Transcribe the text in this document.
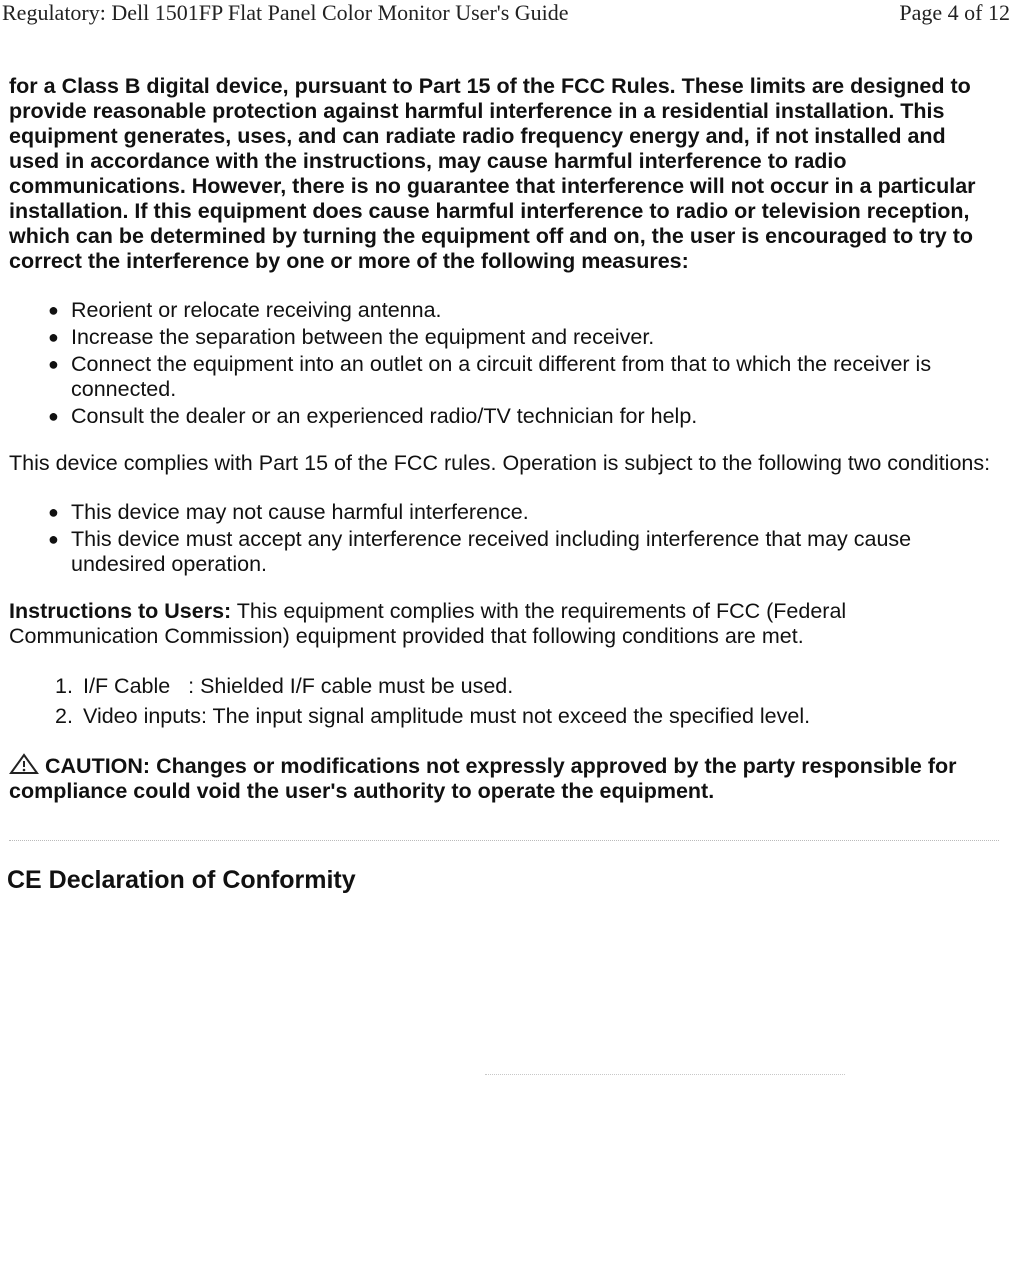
Regulatory: Dell 1501FP Flat Panel Color Monitor User's Guide	Page 4 of 12

for a Class B digital device, pursuant to Part 15 of the FCC Rules. These limits are designed to provide reasonable protection against harmful interference in a residential installation. This equipment generates, uses, and can radiate radio frequency energy and, if not installed and used in accordance with the instructions, may cause harmful interference to radio communications. However, there is no guarantee that interference will not occur in a particular installation. If this equipment does cause harmful interference to radio or television reception, which can be determined by turning the equipment off and on, the user is encouraged to try to correct the interference by one or more of the following measures:

● Reorient or relocate receiving antenna.
● Increase the separation between the equipment and receiver.
● Connect the equipment into an outlet on a circuit different from that to which the receiver is connected.
● Consult the dealer or an experienced radio/TV technician for help.

This device complies with Part 15 of the FCC rules. Operation is subject to the following two conditions:

● This device may not cause harmful interference.
● This device must accept any interference received including interference that may cause undesired operation.

Instructions to Users: This equipment complies with the requirements of FCC (Federal Communication Commission) equipment provided that following conditions are met.

1. I/F Cable   : Shielded I/F cable must be used.
2. Video inputs: The input signal amplitude must not exceed the specified level.

CAUTION: Changes or modifications not expressly approved by the party responsible for compliance could void the user's authority to operate the equipment.

CE Declaration of Conformity
